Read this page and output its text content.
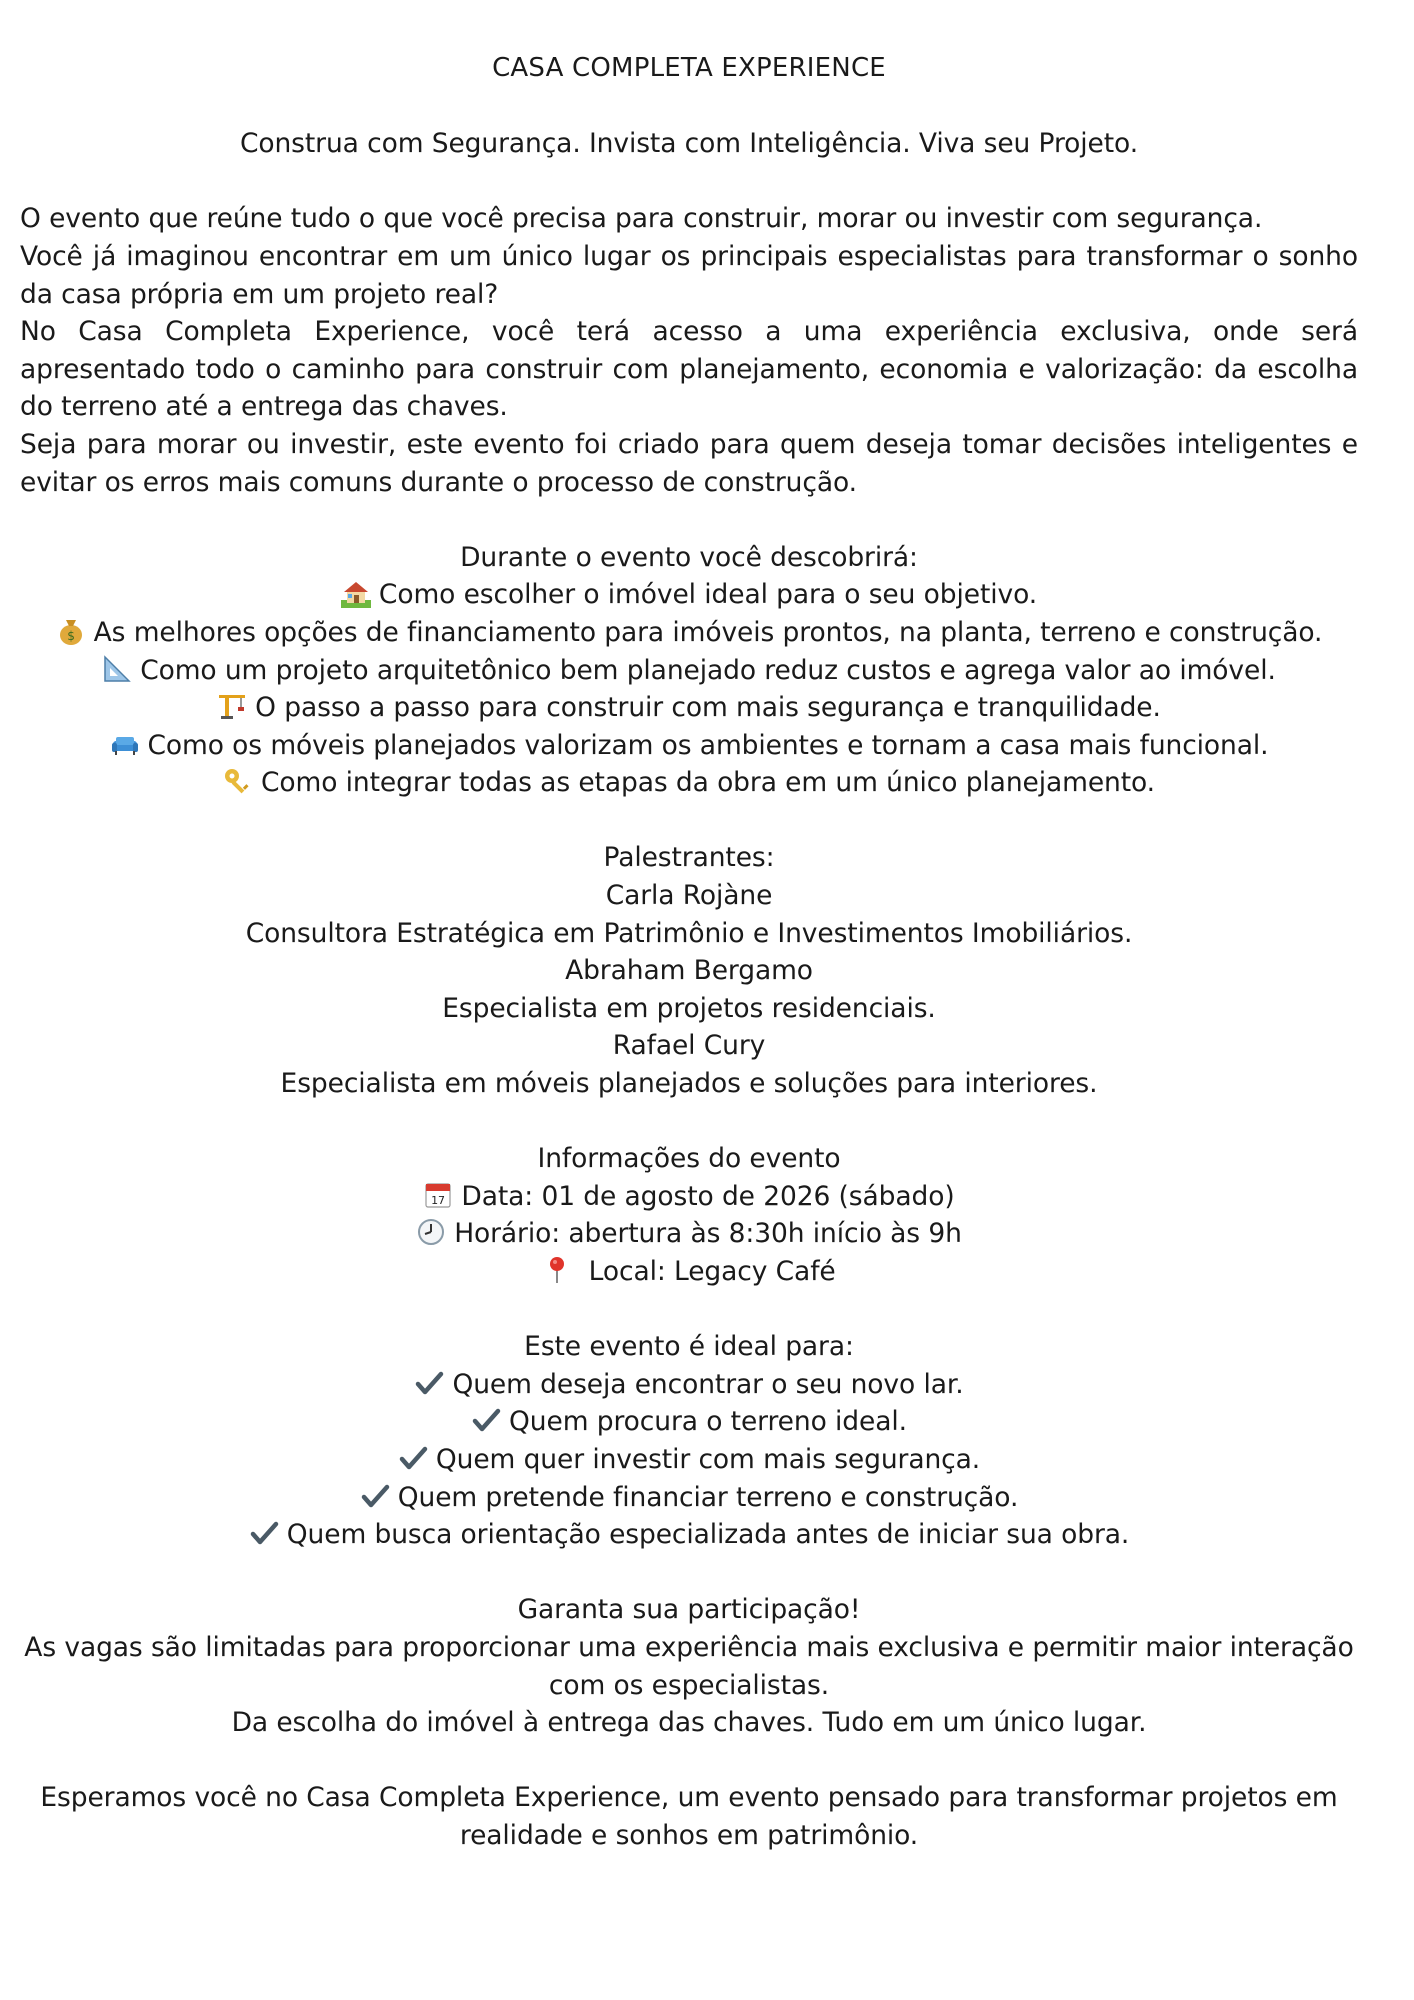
CASA COMPLETA EXPERIENCE
Construa com Segurança. Invista com Inteligência. Viva seu Projeto.

O evento que reúne tudo o que você precisa para construir, morar ou investir com segurança.

Você já imaginou encontrar em um único lugar os principais especialistas para transformar o sonho da casa própria em um projeto real?

No Casa Completa Experience, você terá acesso a uma experiência exclusiva, onde será apresentado todo o caminho para construir com planejamento, economia e valorização: da escolha do terreno até a entrega das chaves.

Seja para morar ou investir, este evento foi criado para quem deseja tomar decisões inteligentes e evitar os erros mais comuns durante o processo de construção.

Durante o evento você descobrirá:
Como escolher o imóvel ideal para o seu objetivo.
$ As melhores opções de financiamento para imóveis prontos, na planta, terreno e construção.
Como um projeto arquitetônico bem planejado reduz custos e agrega valor ao imóvel.
O passo a passo para construir com mais segurança e tranquilidade.
Como os móveis planejados valorizam os ambientes e tornam a casa mais funcional.
Como integrar todas as etapas da obra em um único planejamento.
Palestrantes:
Carla Rojàne
Consultora Estratégica em Patrimônio e Investimentos Imobiliários.
Abraham Bergamo
Especialista em projetos residenciais.
Rafael Cury
Especialista em móveis planejados e soluções para interiores.
Informações do evento
17 Data: 01 de agosto de 2026 (sábado)
Horário: abertura às 8:30h início às 9h
Local: Legacy Café
Este evento é ideal para:
Quem deseja encontrar o seu novo lar.
Quem procura o terreno ideal.
Quem quer investir com mais segurança.
Quem pretende financiar terreno e construção.
Quem busca orientação especializada antes de iniciar sua obra.
Garanta sua participação!

As vagas são limitadas para proporcionar uma experiência mais exclusiva e permitir maior interação com os especialistas.

Da escolha do imóvel à entrega das chaves. Tudo em um único lugar.

Esperamos você no Casa Completa Experience, um evento pensado para transformar projetos em realidade e sonhos em patrimônio.
